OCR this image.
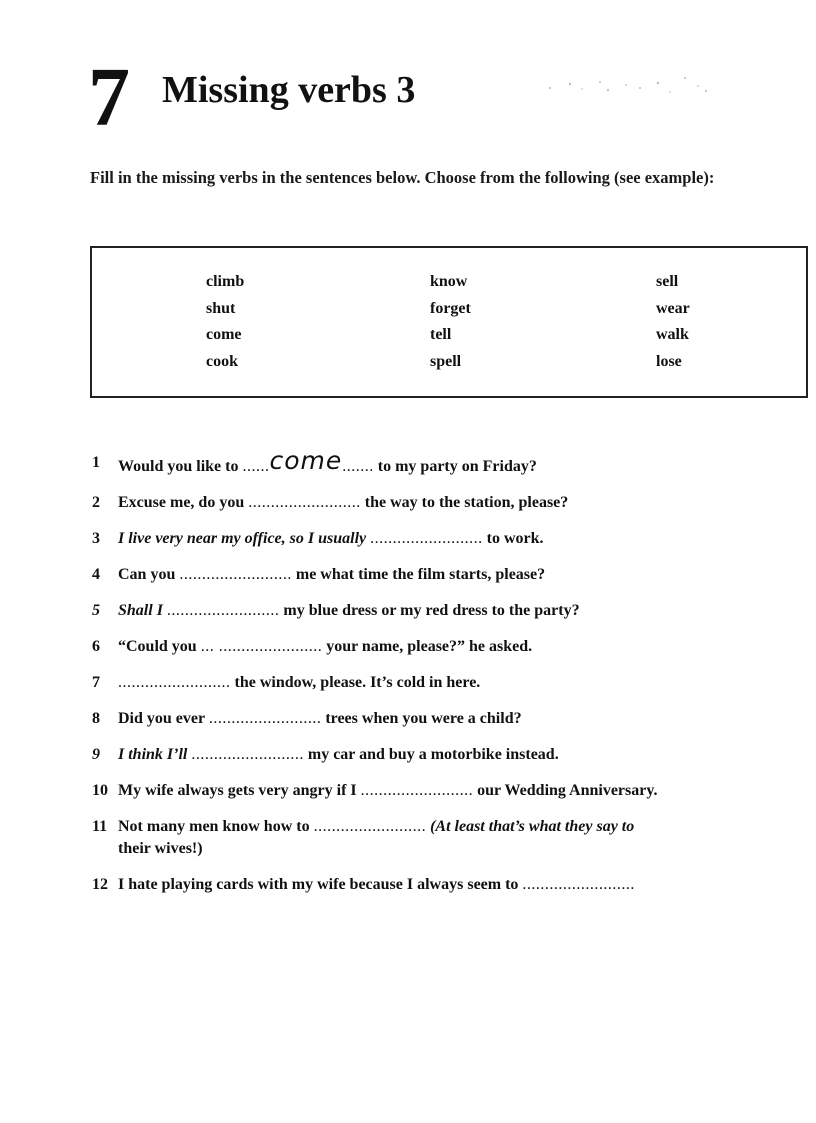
7 Missing verbs 3

Fill in the missing verbs in the sentences below. Choose from the following (see example):

climb	know	sell
shut	forget	wear
come	tell	walk
cook	spell	lose
1	Would you like to ......come....... to my party on Friday?
2	Excuse me, do you ......................... the way to the station, please?
3	I live very near my office, so I usually ......................... to work.
4	Can you ......................... me what time the film starts, please?
5	Shall I ......................... my blue dress or my red dress to the party?
6	“Could you ... ....................... your name, please?” he asked.
7	......................... the window, please. It’s cold in here.
8	Did you ever ......................... trees when you were a child?
9	I think I’ll ......................... my car and buy a motorbike instead.
10 My wife always gets very angry if I ......................... our Wedding Anniversary.
11 Not many men know how to ......................... (At least that’s what they say to
their wives!)
12 I hate playing cards with my wife because I always seem to .........................
